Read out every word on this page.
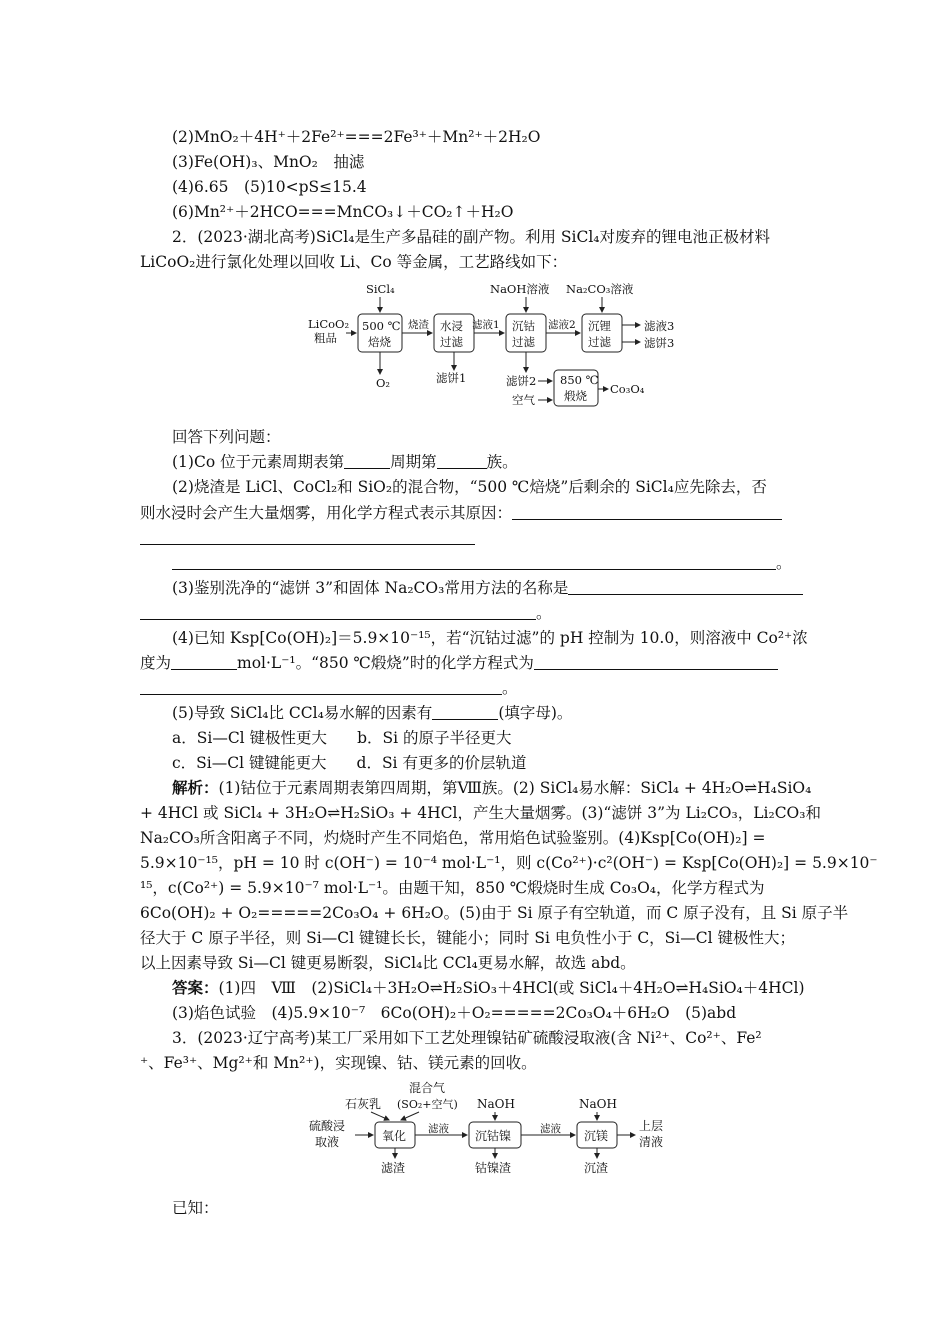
(2)MnO₂＋4H⁺＋2Fe²⁺===2Fe³⁺＋Mn²⁺＋2H₂O
(3)Fe(OH)₃、MnO₂　抽滤
(4)6.65　(5)10<pS≤15.4
(6)Mn²⁺＋2HCO===MnCO₃↓＋CO₂↑＋H₂O
2．(2023·湖北高考)SiCl₄是生产多晶硅的副产物。利用 SiCl₄对废弃的锂电池正极材料
LiCoO₂进行氯化处理以回收 Li、Co 等金属，工艺路线如下：
SiCl₄
LiCoO₂
粗品
500 ℃
焙烧
O₂
烧渣 水浸
过滤
滤饼1
滤液1
NaOH溶液
沉钴
过滤
滤液2
Na₂CO₃溶液
沉锂
过滤
滤液3
滤饼3
滤饼2
空气
850 ℃
煅烧 Co₃O₄
回答下列问题：
(1)Co 位于元素周期表第	周期第	族。
(2)烧渣是 LiCl、CoCl₂和 SiO₂的混合物，“500 ℃焙烧”后剩余的 SiCl₄应先除去，否
则水浸时会产生大量烟雾，用化学方程式表示其原因：
。
(3)鉴别洗净的“滤饼 3”和固体 Na₂CO₃常用方法的名称是
。
(4)已知 Ksp[Co(OH)₂]＝5.9×10⁻¹⁵，若“沉钴过滤”的 pH 控制为 10.0，则溶液中 Co²⁺浓
度为	mol·L⁻¹。“850 ℃煅烧”时的化学方程式为
。
(5)导致 SiCl₄比 CCl₄易水解的因素有	(填字母)。
a．Si—Cl 键极性更大 b．Si 的原子半径更大
c．Si—Cl 键键能更大 d．Si 有更多的价层轨道
解析：(1)钴位于元素周期表第四周期，第Ⅷ族。(2) SiCl₄易水解：SiCl₄ + 4H₂O⇌H₄SiO₄
+ 4HCl 或 SiCl₄ + 3H₂O⇌H₂SiO₃ + 4HCl，产生大量烟雾。(3)“滤饼 3”为 Li₂CO₃，Li₂CO₃和
Na₂CO₃所含阳离子不同，灼烧时产生不同焰色，常用焰色试验鉴别。(4)Ksp[Co(OH)₂] =
5.9×10⁻¹⁵，pH = 10 时 c(OH⁻) = 10⁻⁴ mol·L⁻¹，则 c(Co²⁺)·c²(OH⁻) = Ksp[Co(OH)₂] = 5.9×10⁻
¹⁵，c(Co²⁺) = 5.9×10⁻⁷ mol·L⁻¹。由题干知，850 ℃煅烧时生成 Co₃O₄，化学方程式为
6Co(OH)₂ + O₂=====2Co₃O₄ + 6H₂O。(5)由于 Si 原子有空轨道，而 C 原子没有，且 Si 原子半
径大于 C 原子半径，则 Si—Cl 键键长长，键能小；同时 Si 电负性小于 C，Si—Cl 键极性大；
以上因素导致 Si—Cl 键更易断裂，SiCl₄比 CCl₄更易水解，故选 abd。
答案：(1)四　Ⅷ　(2)SiCl₄＋3H₂O⇌H₂SiO₃＋4HCl(或 SiCl₄＋4H₂O⇌H₄SiO₄＋4HCl)
(3)焰色试验　(4)5.9×10⁻⁷　6Co(OH)₂＋O₂=====2Co₃O₄＋6H₂O　(5)abd
3．(2023·辽宁高考)某工厂采用如下工艺处理镍钴矿硫酸浸取液(含 Ni²⁺、Co²⁺、Fe²
⁺、Fe³⁺、Mg²⁺和 Mn²⁺)，实现镍、钴、镁元素的回收。
混合气
(SO₂+空气)
石灰乳
硫酸浸
取液	氧化
滤渣
滤液
NaOH
沉钴镍
钴镍渣
滤液
NaOH
沉镁
沉渣
上层
清液
已知：
